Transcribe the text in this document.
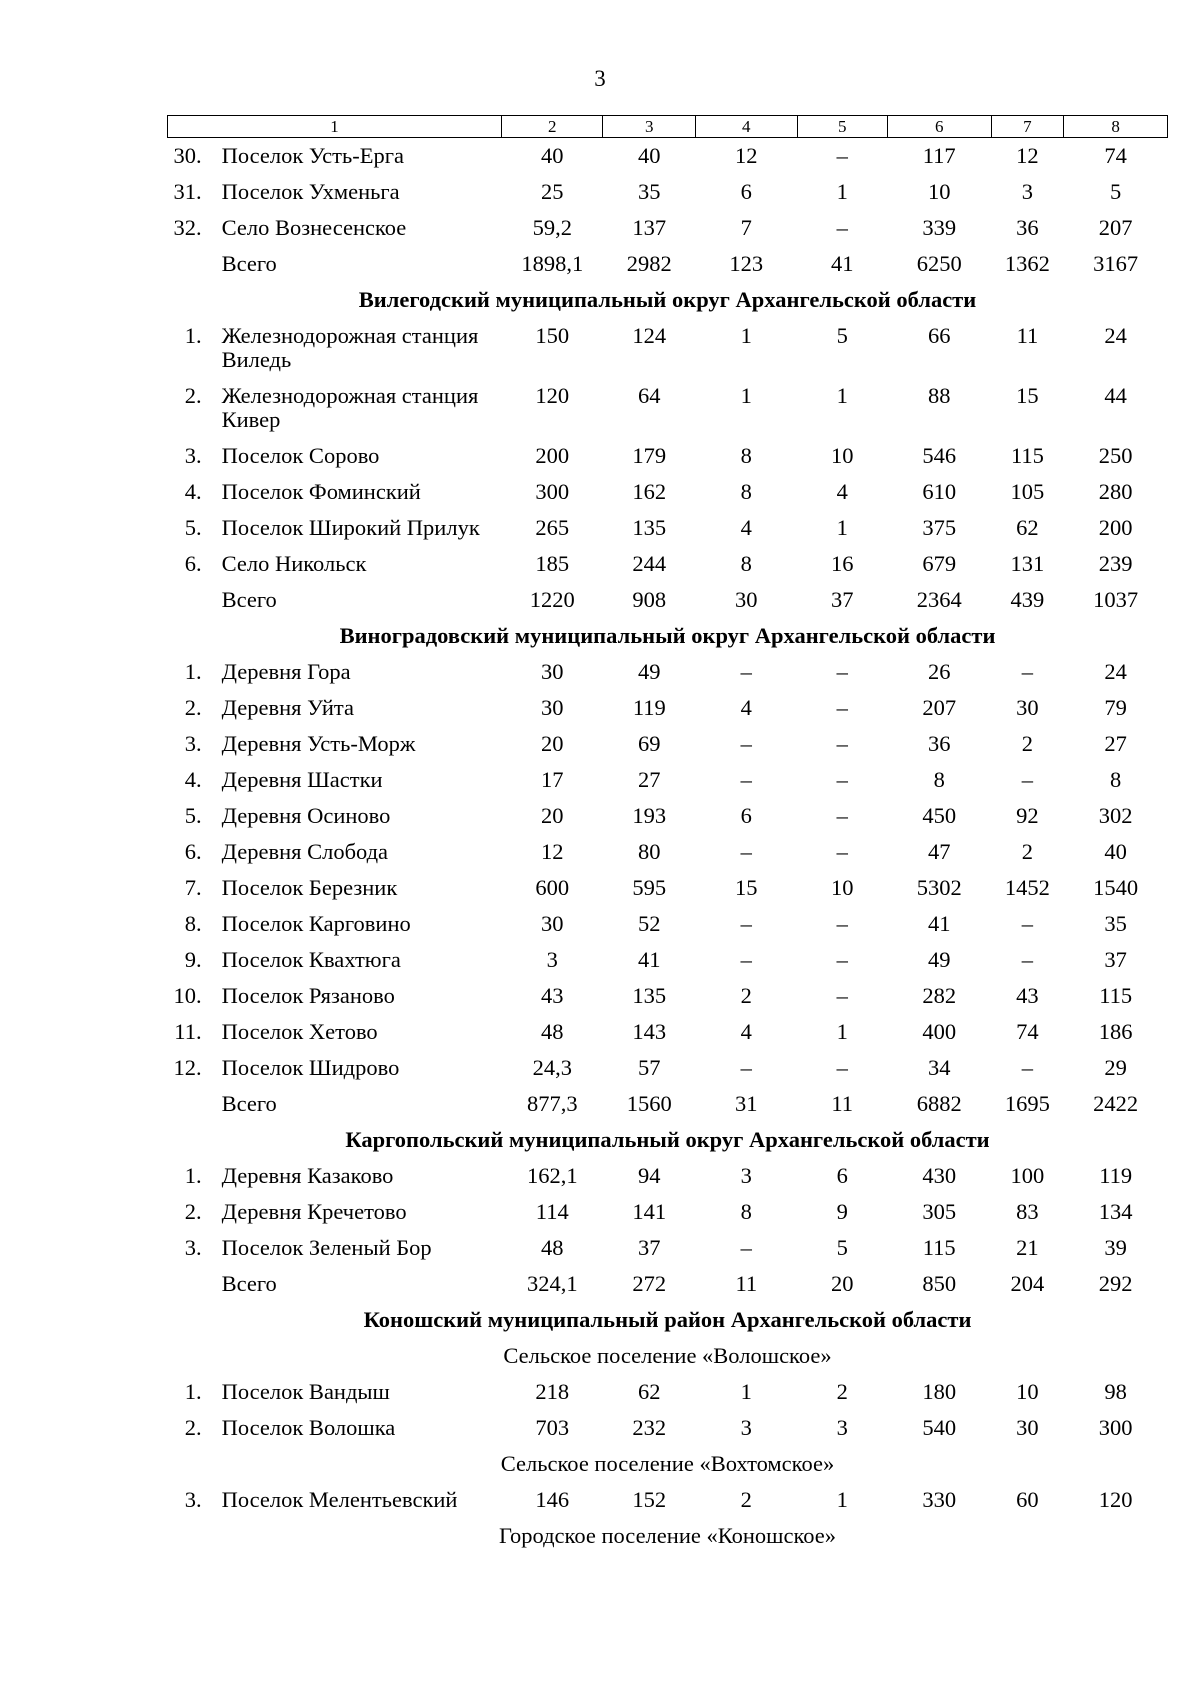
3
1		2	3	4	5	6	7	8
30.	Поселок Усть-Ерга	40	40	12	–	117	12	74
31.	Поселок Ухменьга	25	35	6	1	10	3	5
32.	Село Вознесенское	59,2	137	7	–	339	36	207
	Всего	1898,1	2982	123	41	6250	1362	3167
Вилегодский муниципальный округ Архангельской области								
1.	Железнодорожная станция Виледь	150	124	1	5	66	11	24
2.	Железнодорожная станция Кивер	120	64	1	1	88	15	44
3.	Поселок Сорово	200	179	8	10	546	115	250
4.	Поселок Фоминский	300	162	8	4	610	105	280
5.	Поселок Широкий Прилук	265	135	4	1	375	62	200
6.	Село Никольск	185	244	8	16	679	131	239
	Всего	1220	908	30	37	2364	439	1037
Виноградовский муниципальный округ Архангельской области								
1.	Деревня Гора	30	49	–	–	26	–	24
2.	Деревня Уйта	30	119	4	–	207	30	79
3.	Деревня Усть-Морж	20	69	–	–	36	2	27
4.	Деревня Шастки	17	27	–	–	8	–	8
5.	Деревня Осиново	20	193	6	–	450	92	302
6.	Деревня Слобода	12	80	–	–	47	2	40
7.	Поселок Березник	600	595	15	10	5302	1452	1540
8.	Поселок Карговино	30	52	–	–	41	–	35
9.	Поселок Квахтюга	3	41	–	–	49	–	37
10.	Поселок Рязаново	43	135	2	–	282	43	115
11.	Поселок Хетово	48	143	4	1	400	74	186
12.	Поселок Шидрово	24,3	57	–	–	34	–	29
	Всего	877,3	1560	31	11	6882	1695	2422
Каргопольский муниципальный округ Архангельской области								
1.	Деревня Казаково	162,1	94	3	6	430	100	119
2.	Деревня Кречетово	114	141	8	9	305	83	134
3.	Поселок Зеленый Бор	48	37	–	5	115	21	39
	Всего	324,1	272	11	20	850	204	292
Коношский муниципальный район Архангельской области								
Сельское поселение «Волошское»								
1.	Поселок Вандыш	218	62	1	2	180	10	98
2.	Поселок Волошка	703	232	3	3	540	30	300
Сельское поселение «Вохтомское»								
3.	Поселок Мелентьевский	146	152	2	1	330	60	120
Городское поселение «Коношское»								
